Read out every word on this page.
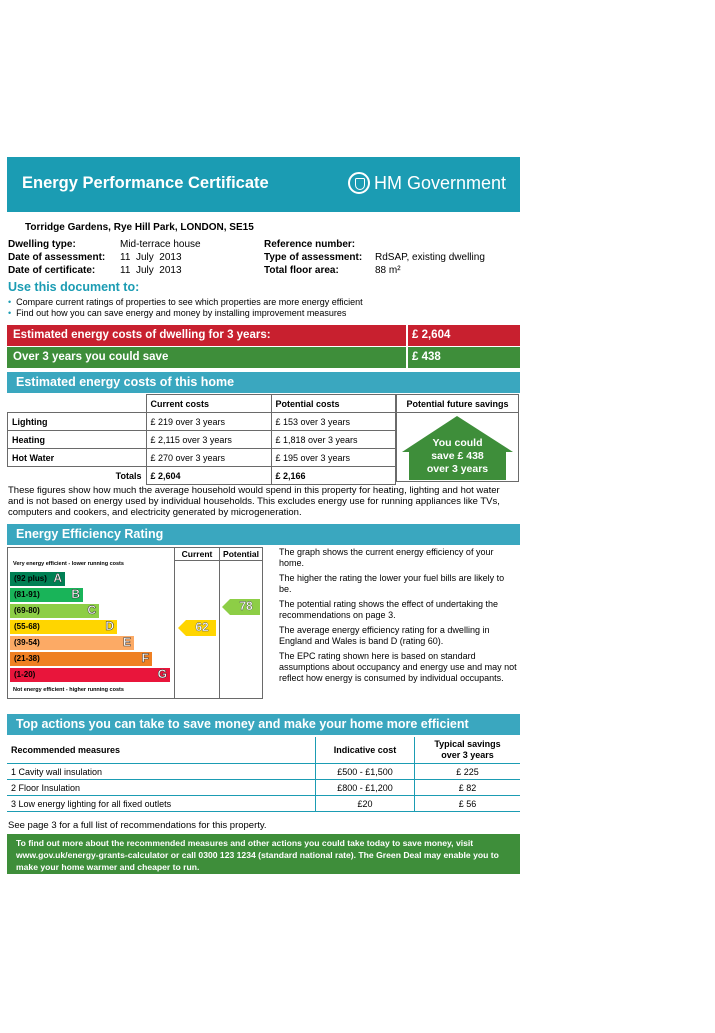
Energy Performance Certificate	HM Government
Torridge Gardens, Rye Hill Park, LONDON, SE15
Dwelling type:	Mid-terrace house
Date of assessment: 11  July  2013
Date of certificate: 11  July  2013
Reference number:
Type of assessment: RdSAP, existing dwelling
Total floor area:	88 m²
Use this document to:
•  Compare current ratings of properties to see which properties are more energy efficient
•  Find out how you can save energy and money by installing improvement measures
Estimated energy costs of dwelling for 3 years:	£ 2,604
Over 3 years you could save	£ 438
Estimated energy costs of this home
	Current costs	Potential costs
Lighting	£ 219 over 3 years	£ 153 over 3 years
Heating	£ 2,115 over 3 years	£ 1,818 over 3 years
Hot Water	£ 270 over 3 years	£ 195 over 3 years
Totals	£ 2,604	£ 2,166
Potential future savings
You could
save £ 438
over 3 years
These figures show how much the average household would spend in this property for heating, lighting and hot water and is not based on energy used by individual households. This excludes energy use for running appliances like TVs, computers and cookers, and electricity generated by microgeneration.
Energy Efficiency Rating
Current	Potential
Very energy efficient - lower running costs
(92 plus) A
(81-91)	B
(69-80)	C
(55-68)	D
(39-54)	E
(21-38)	F
(1-20)	G
Not energy efficient - higher running costs
62
78

The graph shows the current energy efficiency of your home.

The higher the rating the lower your fuel bills are likely to be.

The potential rating shows the effect of undertaking the recommendations on page 3.

The average energy efficiency rating for a dwelling in England and Wales is band D (rating 60).

The EPC rating shown here is based on standard assumptions about occupancy and energy use and may not reflect how energy is consumed by individual occupants.

Top actions you can take to save money and make your home more efficient
Recommended measures	Indicative cost	Typical savings
over 3 years

1 Cavity wall insulation	£500 - £1,500	£ 225
2 Floor Insulation	£800 - £1,200	£ 82
3 Low energy lighting for all fixed outlets	£20	£ 56
See page 3 for a full list of recommendations for this property.
To find out more about the recommended measures and other actions you could take today to save money, visit
www.gov.uk/energy-grants-calculator or call 0300 123 1234 (standard national rate). The Green Deal may enable you to
make your home warmer and cheaper to run.
